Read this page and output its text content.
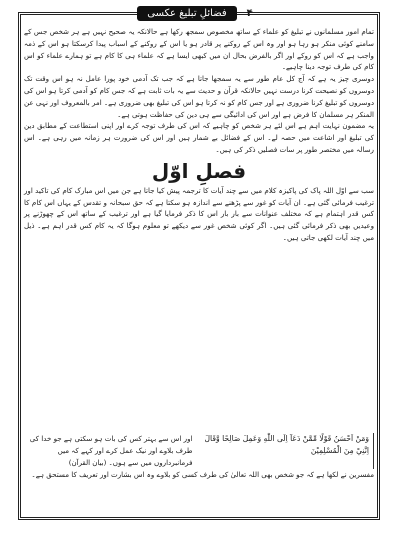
فضائلِ تبلیغ عکسی	۴
تمام امور مسلمانوں نے تبلیغ کو علماء کے ساتھ مخصوص سمجھ رکھا ہے حالانکہ یہ صحیح نہیں ہے ہر شخص جس کے سامنے کوئی منکر ہو رہا ہو اور وہ اس کے روکنے پر قادر ہو یا اس کے روکنے کے اسباب پیدا کرسکتا ہو اس کے ذمہ واجب ہے کہ اس کو روکے اور اگر بالفرض بحال ان میں کبھی ایسا ہے کہ علماء ہی کا کام ہے تو ہمارے علماء کو اس کام کی طرف توجہ دینا چاہیے۔
دوسری چیز یہ ہے کہ آج کل عام طور سے یہ سمجھا جاتا ہے کہ جب تک آدمی خود پورا عامل نہ ہو اس وقت تک دوسروں کو نصیحت کرنا درست نہیں حالانکہ قرآن و حدیث سے یہ بات ثابت ہے کہ جس کام کو آدمی کرتا ہو اس کی دوسروں کو تبلیغ کرنا ضروری ہے اور جس کام کو نہ کرتا ہو اس کی تبلیغ بھی ضروری ہے۔ امر بالمعروف اور نہی عن المنکر ہر مسلمان کا فرض ہے اور اس کی ادائیگی سے ہی دین کی حفاظت ہوتی ہے۔
یہ مضمون نہایت اہم ہے اس لئے ہر شخص کو چاہیے کہ اس کی طرف توجہ کرے اور اپنی استطاعت کے مطابق دین کی تبلیغ اور اشاعت میں حصہ لے۔ اس کے فضائل بے شمار ہیں اور اس کی ضرورت ہر زمانہ میں رہی ہے۔ اس رسالہ میں مختصر طور پر سات فصلیں ذکر کی ہیں۔
فصلِ اوّل
سب سے اوّل اللہ پاک کی پاکیزہ کلام میں سے چند آیات کا ترجمہ پیش کیا جاتا ہے جن میں اس مبارک کام کی تاکید اور ترغیب فرمائی گئی ہے۔ ان آیات کو غور سے پڑھنے سے اندازہ ہو سکتا ہے کہ حق سبحانہ و تقدس کے یہاں اس کام کا کس قدر اہتمام ہے کہ مختلف عنوانات سے بار بار اس کا ذکر فرمایا گیا ہے اور ترغیب کے ساتھ اس کے چھوڑنے پر وعیدیں بھی ذکر فرمائی گئی ہیں۔ اگر کوئی شخص غور سے دیکھے تو معلوم ہوگا کہ یہ کام کس قدر اہم ہے۔ ذیل میں چند آیات لکھی جاتی ہیں۔
وَمَنْ اَحْسَنُ قَوْلًا مِّمَّنْ دَعَآ اِلَى اللّٰهِ وَعَمِلَ صَالِحًا وَّقَالَ اِنَّنِيْ مِنَ الْمُسْلِمِيْنَ
اور اس سے بہتر کس کی بات ہو سکتی ہے جو خدا کی طرف بلاوے اور نیک عمل کرے اور کہے کہ میں فرمانبرداروں میں سے ہوں۔ (بیان القرآن)
مفسرین نے لکھا ہے کہ جو شخص بھی اللہ تعالیٰ کی طرف کسی کو بلاوے وہ اس بشارت اور تعریف کا مستحق ہے۔
